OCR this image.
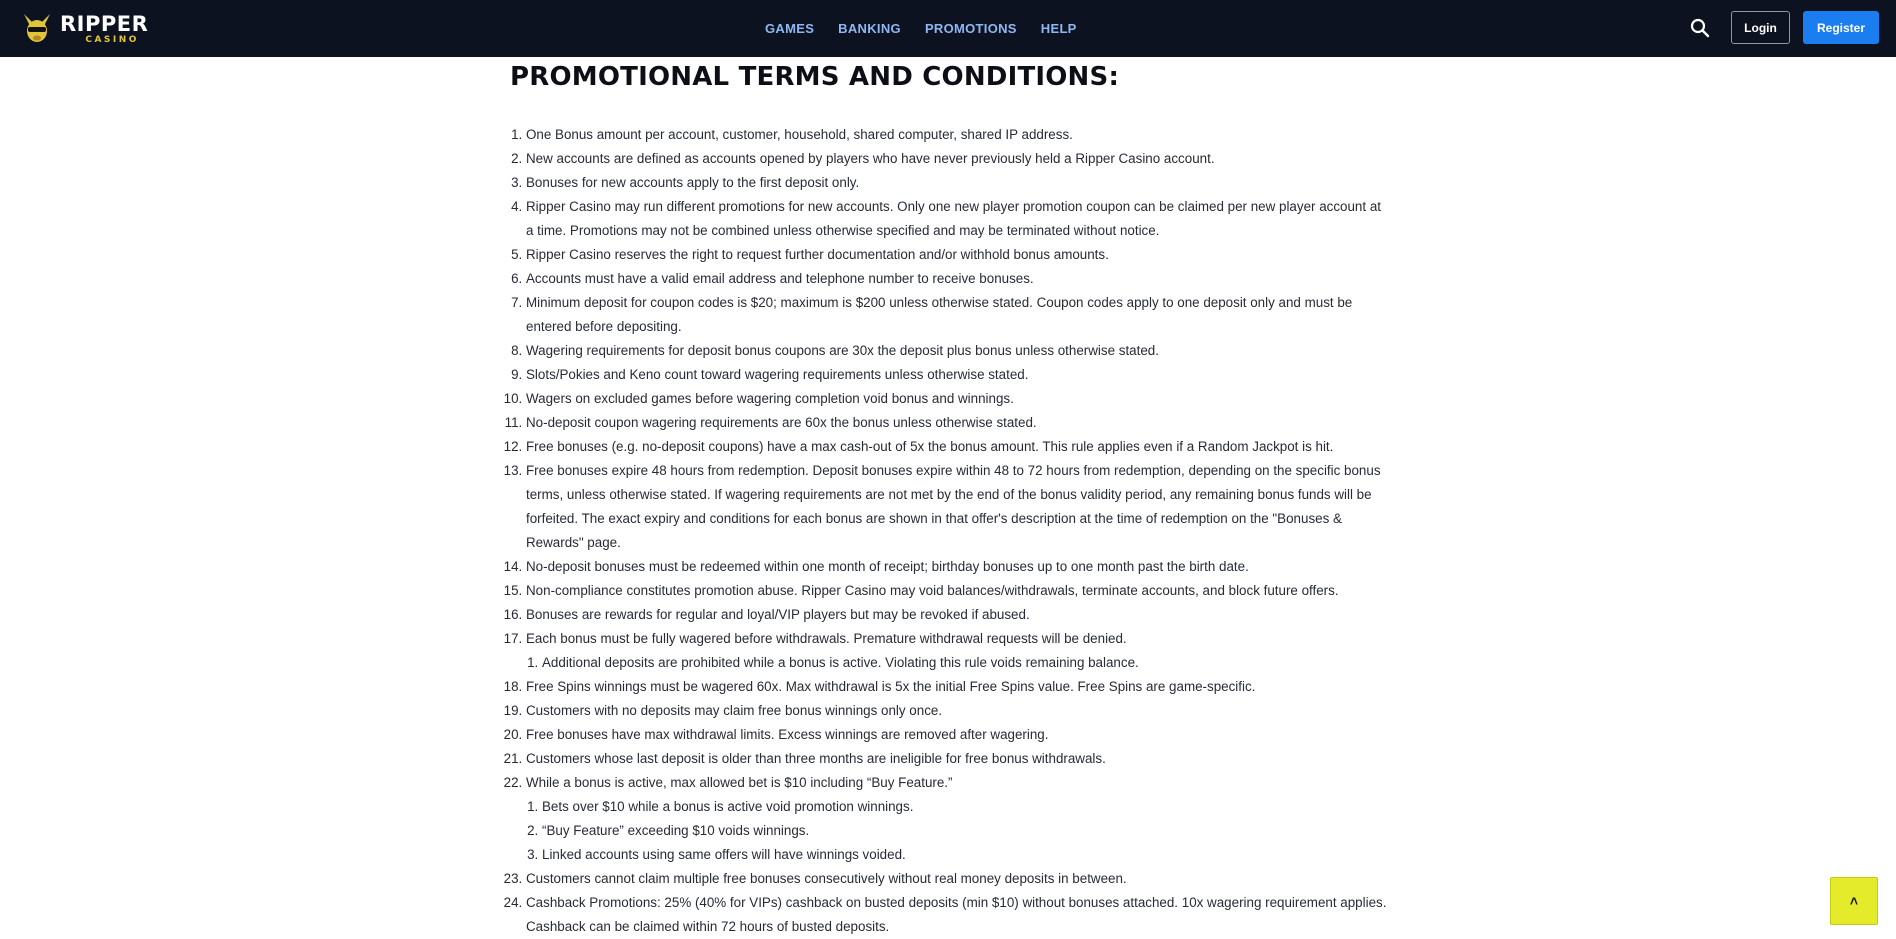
RIPPER
CASINO
GAMES BANKING PROMOTIONS HELP	Login	Register
PROMOTIONAL TERMS AND CONDITIONS:
1. One Bonus amount per account, customer, household, shared computer, shared IP address.
2. New accounts are defined as accounts opened by players who have never previously held a Ripper Casino account.
3. Bonuses for new accounts apply to the first deposit only.
4. Ripper Casino may run different promotions for new accounts. Only one new player promotion coupon can be claimed per new player account at a time. Promotions may not be combined unless otherwise specified and may be terminated without notice.
5. Ripper Casino reserves the right to request further documentation and/or withhold bonus amounts.
6. Accounts must have a valid email address and telephone number to receive bonuses.
7. Minimum deposit for coupon codes is $20; maximum is $200 unless otherwise stated. Coupon codes apply to one deposit only and must be entered before depositing.
8. Wagering requirements for deposit bonus coupons are 30x the deposit plus bonus unless otherwise stated.
9. Slots/Pokies and Keno count toward wagering requirements unless otherwise stated.
10. Wagers on excluded games before wagering completion void bonus and winnings.
11. No-deposit coupon wagering requirements are 60x the bonus unless otherwise stated.
12. Free bonuses (e.g. no-deposit coupons) have a max cash-out of 5x the bonus amount. This rule applies even if a Random Jackpot is hit.
13. Free bonuses expire 48 hours from redemption. Deposit bonuses expire within 48 to 72 hours from redemption, depending on the specific bonus terms, unless otherwise stated. If wagering requirements are not met by the end of the bonus validity period, any remaining bonus funds will be forfeited. The exact expiry and conditions for each bonus are shown in that offer's description at the time of redemption on the "Bonuses & Rewards" page.
14. No-deposit bonuses must be redeemed within one month of receipt; birthday bonuses up to one month past the birth date.
15. Non-compliance constitutes promotion abuse. Ripper Casino may void balances/withdrawals, terminate accounts, and block future offers.
16. Bonuses are rewards for regular and loyal/VIP players but may be revoked if abused.
17. Each bonus must be fully wagered before withdrawals. Premature withdrawal requests will be denied.
1. Additional deposits are prohibited while a bonus is active. Violating this rule voids remaining balance.
18. Free Spins winnings must be wagered 60x. Max withdrawal is 5x the initial Free Spins value. Free Spins are game-specific.
19. Customers with no deposits may claim free bonus winnings only once.
20. Free bonuses have max withdrawal limits. Excess winnings are removed after wagering.
21. Customers whose last deposit is older than three months are ineligible for free bonus withdrawals.
22. While a bonus is active, max allowed bet is $10 including “Buy Feature.”
1. Bets over $10 while a bonus is active void promotion winnings.
2. “Buy Feature” exceeding $10 voids winnings.
3. Linked accounts using same offers will have winnings voided.
23. Customers cannot claim multiple free bonuses consecutively without real money deposits in between.
24. Cashback Promotions: 25% (40% for VIPs) cashback on busted deposits (min $10) without bonuses attached. 10x wagering requirement applies. Cashback can be claimed within 72 hours of busted deposits.
˄
